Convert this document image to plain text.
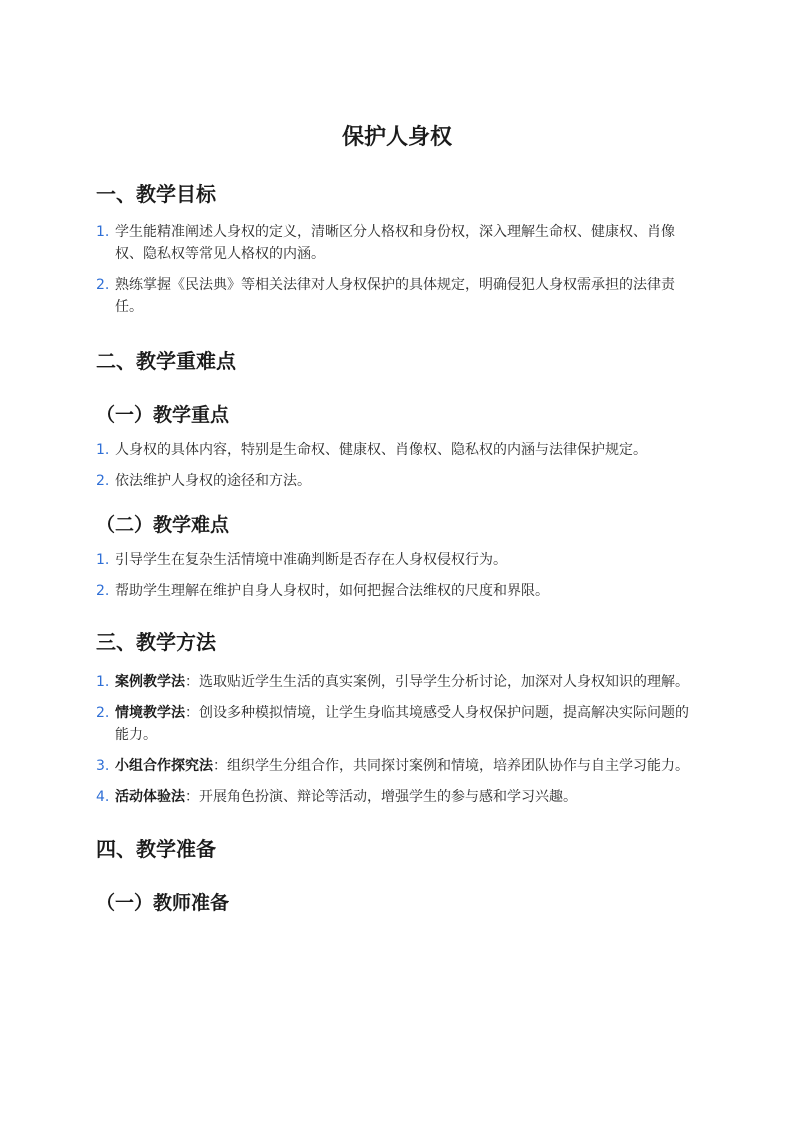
保护人身权
一、教学目标
1. 学生能精准阐述人身权的定义，清晰区分人格权和身份权，深入理解生命权、健康权、肖像权、隐私权等常见人格权的内涵。
2. 熟练掌握《民法典》等相关法律对人身权保护的具体规定，明确侵犯人身权需承担的法律责任。
二、教学重难点
（一）教学重点
1. 人身权的具体内容，特别是生命权、健康权、肖像权、隐私权的内涵与法律保护规定。
2. 依法维护人身权的途径和方法。
（二）教学难点
1. 引导学生在复杂生活情境中准确判断是否存在人身权侵权行为。
2. 帮助学生理解在维护自身人身权时，如何把握合法维权的尺度和界限。
三、教学方法
1. 案例教学法：选取贴近学生生活的真实案例，引导学生分析讨论，加深对人身权知识的理解。
2. 情境教学法：创设多种模拟情境，让学生身临其境感受人身权保护问题，提高解决实际问题的能力。
3. 小组合作探究法：组织学生分组合作，共同探讨案例和情境，培养团队协作与自主学习能力。
4. 活动体验法：开展角色扮演、辩论等活动，增强学生的参与感和学习兴趣。
四、教学准备
（一）教师准备
